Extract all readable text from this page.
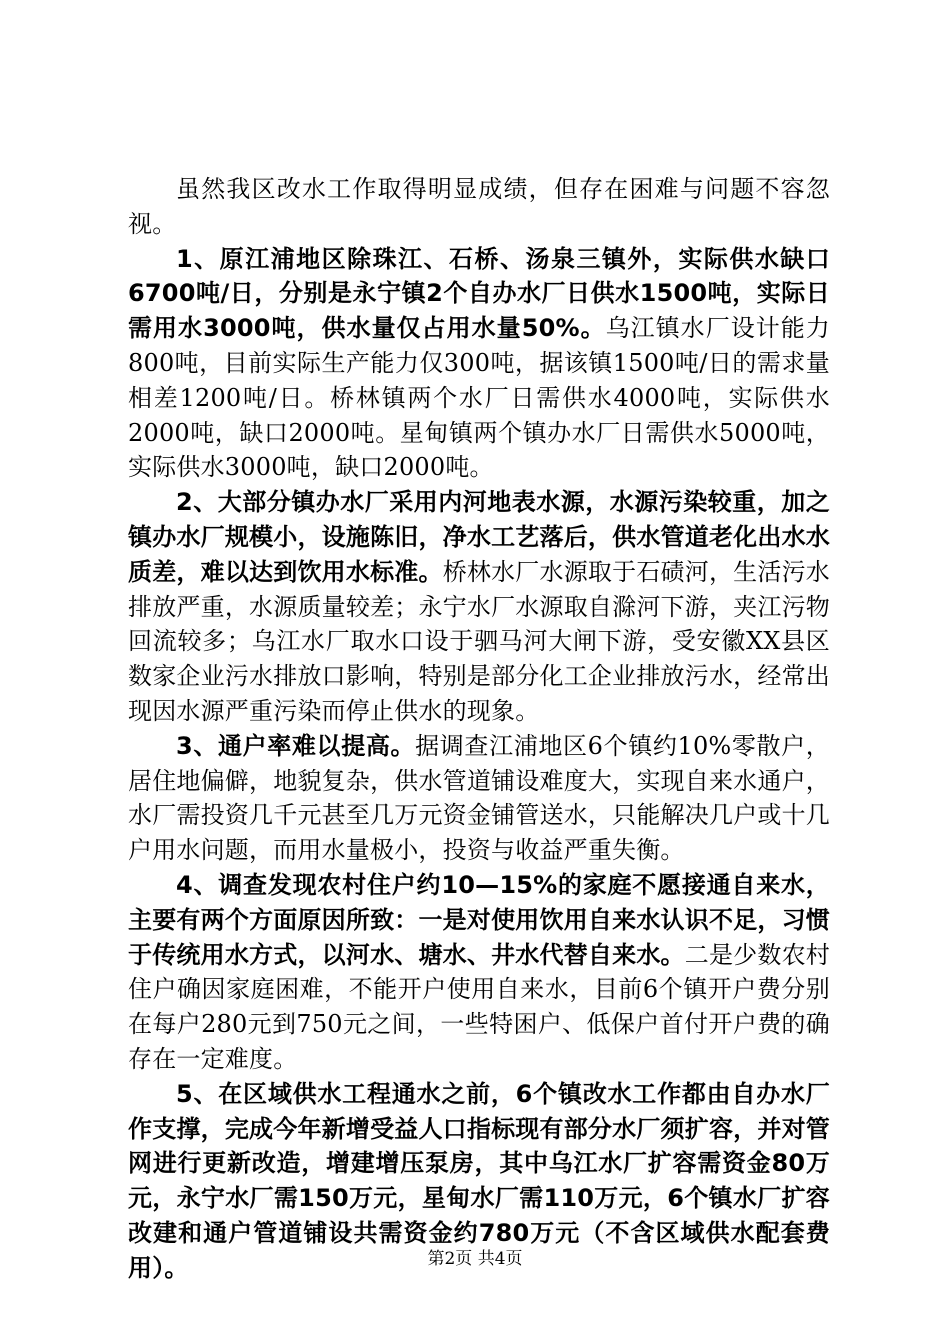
虽然我区改水工作取得明显成绩，但存在困难与问题不容忽视。

1、原江浦地区除珠江、石桥、汤泉三镇外，实际供水缺口6700吨/日，分别是永宁镇2个自办水厂日供水1500吨，实际日需用水3000吨，供水量仅占用水量50%。乌江镇水厂设计能力800吨，目前实际生产能力仅300吨，据该镇1500吨/日的需求量相差1200吨/日。桥林镇两个水厂日需供水4000吨，实际供水2000吨，缺口2000吨。星甸镇两个镇办水厂日需供水5000吨，实际供水3000吨，缺口2000吨。

2、大部分镇办水厂采用内河地表水源，水源污染较重，加之镇办水厂规模小，设施陈旧，净水工艺落后，供水管道老化出水水质差，难以达到饮用水标准。桥林水厂水源取于石碛河，生活污水排放严重，水源质量较差；永宁水厂水源取自滁河下游，夹江污物回流较多；乌江水厂取水口设于驷马河大闸下游，受安徽XX县区数家企业污水排放口影响，特别是部分化工企业排放污水，经常出现因水源严重污染而停止供水的现象。

3、通户率难以提高。据调查江浦地区6个镇约10%零散户，居住地偏僻，地貌复杂，供水管道铺设难度大，实现自来水通户，水厂需投资几千元甚至几万元资金铺管送水，只能解决几户或十几户用水问题，而用水量极小，投资与收益严重失衡。

4、调查发现农村住户约10—15%的家庭不愿接通自来水，主要有两个方面原因所致：一是对使用饮用自来水认识不足，习惯于传统用水方式，以河水、塘水、井水代替自来水。二是少数农村住户确因家庭困难，不能开户使用自来水，目前6个镇开户费分别在每户280元到750元之间，一些特困户、低保户首付开户费的确存在一定难度。

5、在区域供水工程通水之前，6个镇改水工作都由自办水厂作支撑，完成今年新增受益人口指标现有部分水厂须扩容，并对管网进行更新改造，增建增压泵房，其中乌江水厂扩容需资金80万元，永宁水厂需150万元，星甸水厂需110万元，6个镇水厂扩容改建和通户管道铺设共需资金约780万元（不含区域供水配套费用）。	第2页 共4页
